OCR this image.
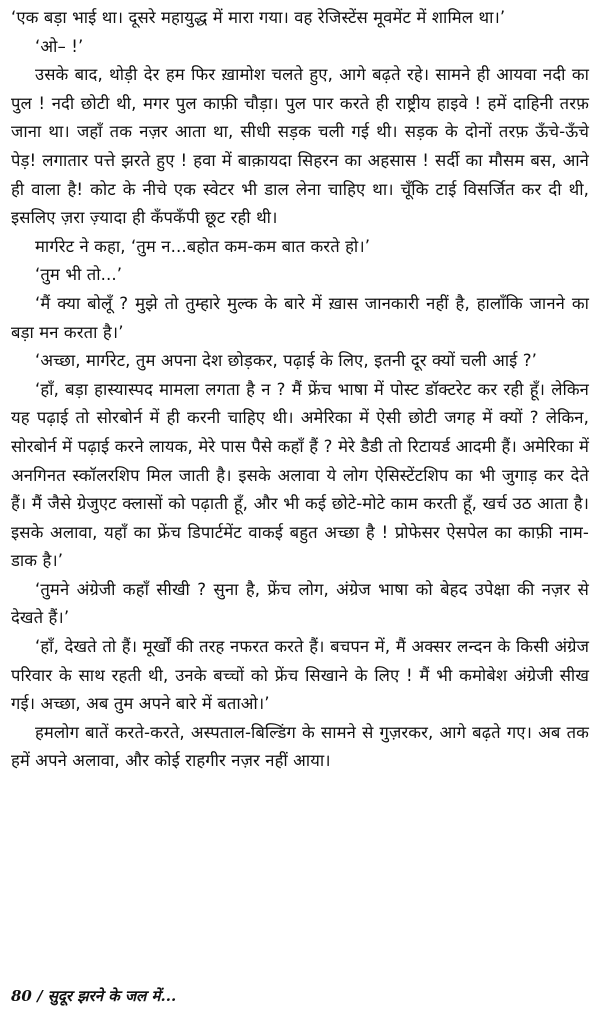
‘एक बड़ा भाई था। दूसरे महायुद्ध में मारा गया। वह रेजिस्टेंस मूवमेंट में शामिल था।’

‘ओ– !’

उसके बाद, थोड़ी देर हम फिर ख़ामोश चलते हुए, आगे बढ़ते रहे। सामने ही आयवा नदी का पुल ! नदी छोटी थी, मगर पुल काफ़ी चौड़ा। पुल पार करते ही राष्ट्रीय हाइवे ! हमें दाहिनी तरफ़ जाना था। जहाँ तक नज़र आता था, सीधी सड़क चली गई थी। सड़क के दोनों तरफ़ ऊँचे-ऊँचे पेड़! लगातार पत्ते झरते हुए ! हवा में बाक़ायदा सिहरन का अहसास ! सर्दी का मौसम बस, आने ही वाला है! कोट के नीचे एक स्वेटर भी डाल लेना चाहिए था। चूँकि टाई विसर्जित कर दी थी, इसलिए ज़रा ज़्यादा ही कँपकँपी छूट रही थी।

मार्गरेट ने कहा, ‘तुम न...बहोत कम-कम बात करते हो।’

‘तुम भी तो...’

‘मैं क्या बोलूँ ? मुझे तो तुम्हारे मुल्क के बारे में ख़ास जानकारी नहीं है, हालाँकि जानने का बड़ा मन करता है।’

‘अच्छा, मार्गरेट, तुम अपना देश छोड़कर, पढ़ाई के लिए, इतनी दूर क्यों चली आई ?’

‘हाँ, बड़ा हास्यास्पद मामला लगता है न ? मैं फ्रेंच भाषा में पोस्ट डॉक्टरेट कर रही हूँ। लेकिन यह पढ़ाई तो सोरबोर्न में ही करनी चाहिए थी। अमेरिका में ऐसी छोटी जगह में क्यों ? लेकिन, सोरबोर्न में पढ़ाई करने लायक, मेरे पास पैसे कहाँ हैं ? मेरे डैडी तो रिटायर्ड आदमी हैं। अमेरिका में अनगिनत स्कॉलरशिप मिल जाती है। इसके अलावा ये लोग ऐसिस्टेंटशिप का भी जुगाड़ कर देते हैं। मैं जैसे ग्रेजुएट क्लासों को पढ़ाती हूँ, और भी कई छोटे-मोटे काम करती हूँ, खर्च उठ आता है। इसके अलावा, यहाँ का फ्रेंच डिपार्टमेंट वाकई बहुत अच्छा है ! प्रोफेसर ऐसपेल का काफ़ी नाम-डाक है।’

‘तुमने अंग्रेजी कहाँ सीखी ? सुना है, फ्रेंच लोग, अंग्रेज भाषा को बेहद उपेक्षा की नज़र से देखते हैं।’

‘हाँ, देखते तो हैं। मूर्खों की तरह नफरत करते हैं। बचपन में, मैं अक्सर लन्दन के किसी अंग्रेज परिवार के साथ रहती थी, उनके बच्चों को फ्रेंच सिखाने के लिए ! मैं भी कमोबेश अंग्रेजी सीख गई। अच्छा, अब तुम अपने बारे में बताओ।’

हमलोग बातें करते-करते, अस्पताल-बिल्डिंग के सामने से गुज़रकर, आगे बढ़ते गए। अब तक हमें अपने अलावा, और कोई राहगीर नज़र नहीं आया।

80 / सुदूर झरने के जल में...
